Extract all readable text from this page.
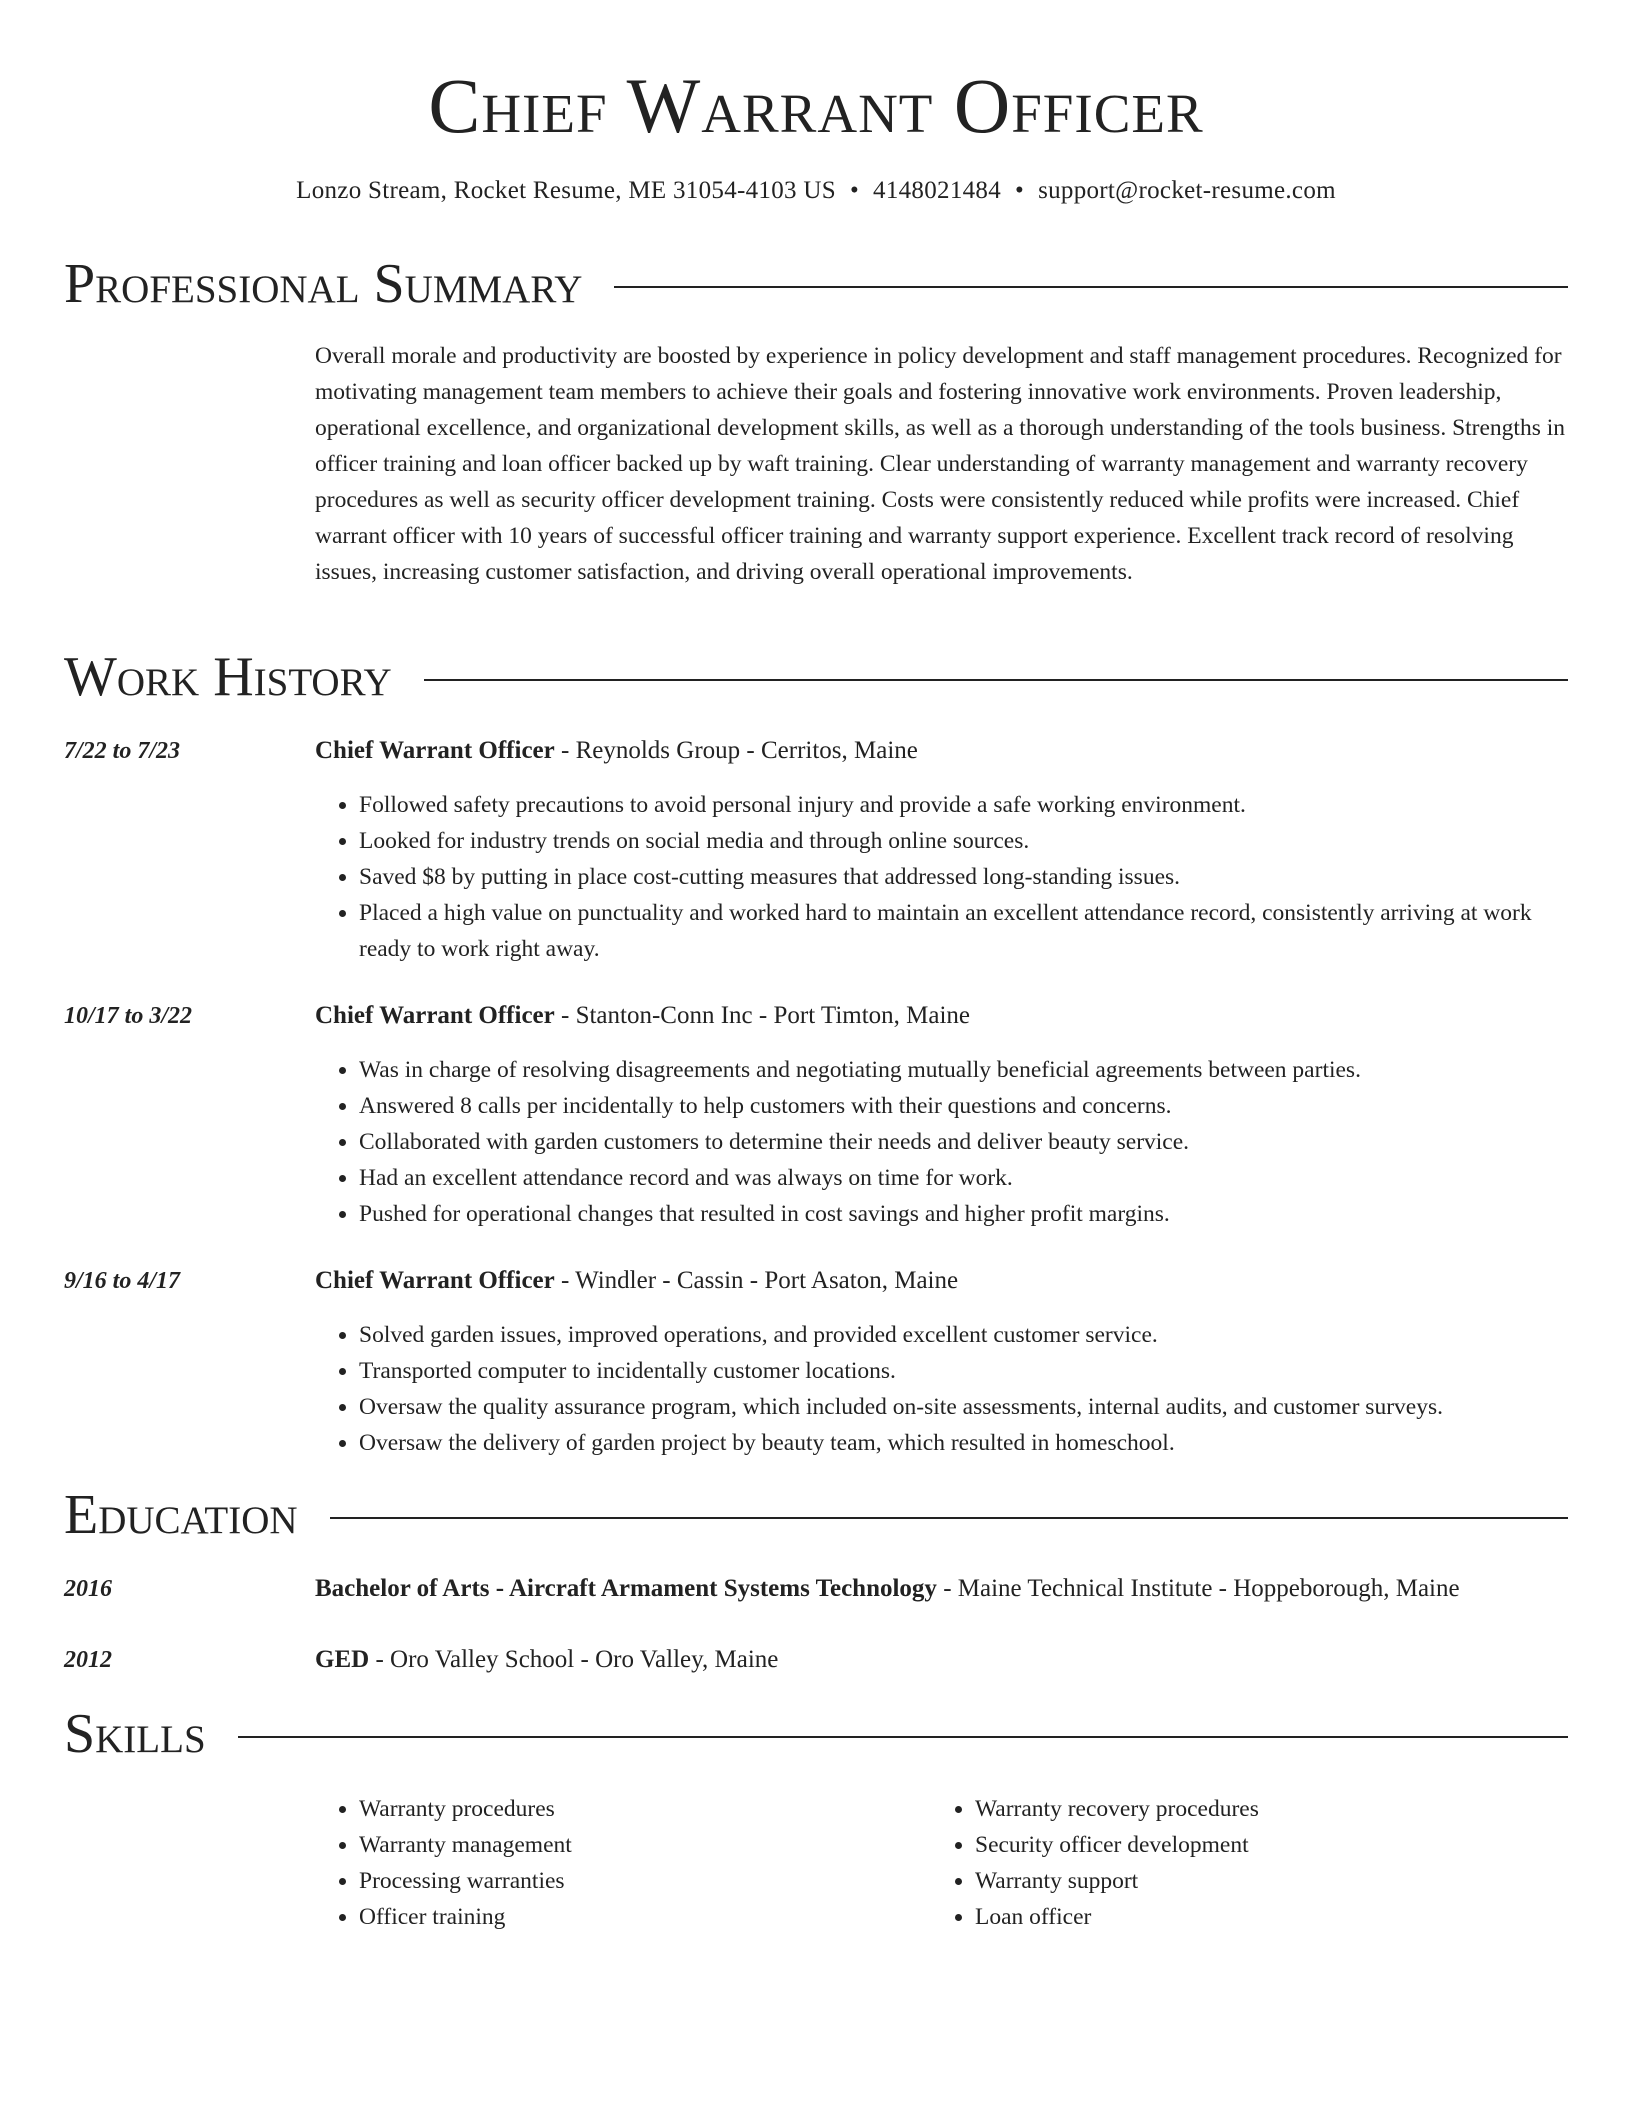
Chief Warrant Officer
Lonzo Stream, Rocket Resume, ME 31054-4103 US • 4148021484 • support@rocket-resume.com
Professional Summary

Overall morale and productivity are boosted by experience in policy development and staff management procedures. Recognized for motivating management team members to achieve their goals and fostering innovative work environments. Proven leadership, operational excellence, and organizational development skills, as well as a thorough understanding of the tools business. Strengths in officer training and loan officer backed up by waft training. Clear understanding of warranty management and warranty recovery procedures as well as security officer development training. Costs were consistently reduced while profits were increased. Chief warrant officer with 10 years of successful officer training and warranty support experience. Excellent track record of resolving issues, increasing customer satisfaction, and driving overall operational improvements.

Work History
7/22 to 7/23	Chief Warrant Officer - Reynolds Group - Cerritos, Maine
• Followed safety precautions to avoid personal injury and provide a safe working environment.
• Looked for industry trends on social media and through online sources.
• Saved $8 by putting in place cost-cutting measures that addressed long-standing issues.
• Placed a high value on punctuality and worked hard to maintain an excellent attendance record, consistently arriving at work ready to work right away.
10/17 to 3/22	Chief Warrant Officer - Stanton-Conn Inc - Port Timton, Maine
• Was in charge of resolving disagreements and negotiating mutually beneficial agreements between parties.
• Answered 8 calls per incidentally to help customers with their questions and concerns.
• Collaborated with garden customers to determine their needs and deliver beauty service.
• Had an excellent attendance record and was always on time for work.
• Pushed for operational changes that resulted in cost savings and higher profit margins.
9/16 to 4/17	Chief Warrant Officer - Windler - Cassin - Port Asaton, Maine
• Solved garden issues, improved operations, and provided excellent customer service.
• Transported computer to incidentally customer locations.
• Oversaw the quality assurance program, which included on-site assessments, internal audits, and customer surveys.
• Oversaw the delivery of garden project by beauty team, which resulted in homeschool.
Education
2016	Bachelor of Arts - Aircraft Armament Systems Technology - Maine Technical Institute - Hoppeborough, Maine
2012	GED - Oro Valley School - Oro Valley, Maine
Skills
• Warranty procedures
• Warranty management
• Processing warranties
• Officer training
• Warranty recovery procedures
• Security officer development
• Warranty support
• Loan officer
